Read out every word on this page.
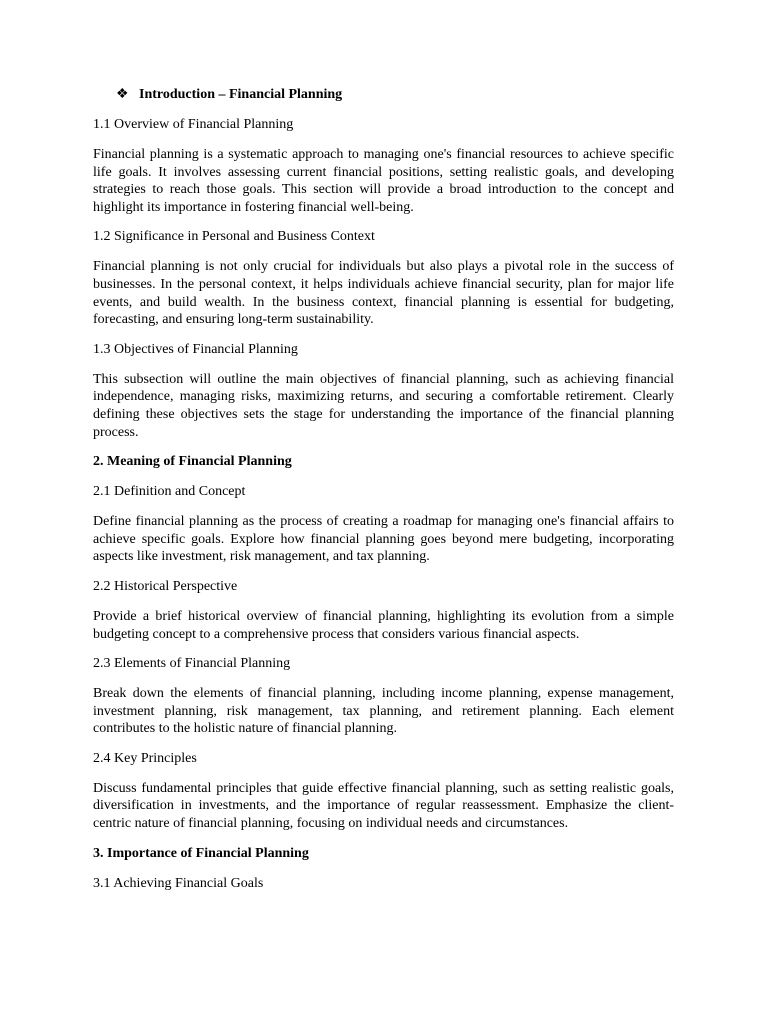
❖ Introduction – Financial Planning
1.1 Overview of Financial Planning
Financial planning is a systematic approach to managing one's financial resources to achieve specific life goals. It involves assessing current financial positions, setting realistic goals, and developing strategies to reach those goals. This section will provide a broad introduction to the concept and highlight its importance in fostering financial well-being.
1.2 Significance in Personal and Business Context
Financial planning is not only crucial for individuals but also plays a pivotal role in the success of businesses. In the personal context, it helps individuals achieve financial security, plan for major life events, and build wealth. In the business context, financial planning is essential for budgeting, forecasting, and ensuring long-term sustainability.
1.3 Objectives of Financial Planning
This subsection will outline the main objectives of financial planning, such as achieving financial independence, managing risks, maximizing returns, and securing a comfortable retirement. Clearly defining these objectives sets the stage for understanding the importance of the financial planning process.
2. Meaning of Financial Planning
2.1 Definition and Concept
Define financial planning as the process of creating a roadmap for managing one's financial affairs to achieve specific goals. Explore how financial planning goes beyond mere budgeting, incorporating aspects like investment, risk management, and tax planning.
2.2 Historical Perspective
Provide a brief historical overview of financial planning, highlighting its evolution from a simple budgeting concept to a comprehensive process that considers various financial aspects.
2.3 Elements of Financial Planning
Break down the elements of financial planning, including income planning, expense management, investment planning, risk management, tax planning, and retirement planning. Each element contributes to the holistic nature of financial planning.
2.4 Key Principles
Discuss fundamental principles that guide effective financial planning, such as setting realistic goals, diversification in investments, and the importance of regular reassessment. Emphasize the client-centric nature of financial planning, focusing on individual needs and circumstances.
3. Importance of Financial Planning
3.1 Achieving Financial Goals
